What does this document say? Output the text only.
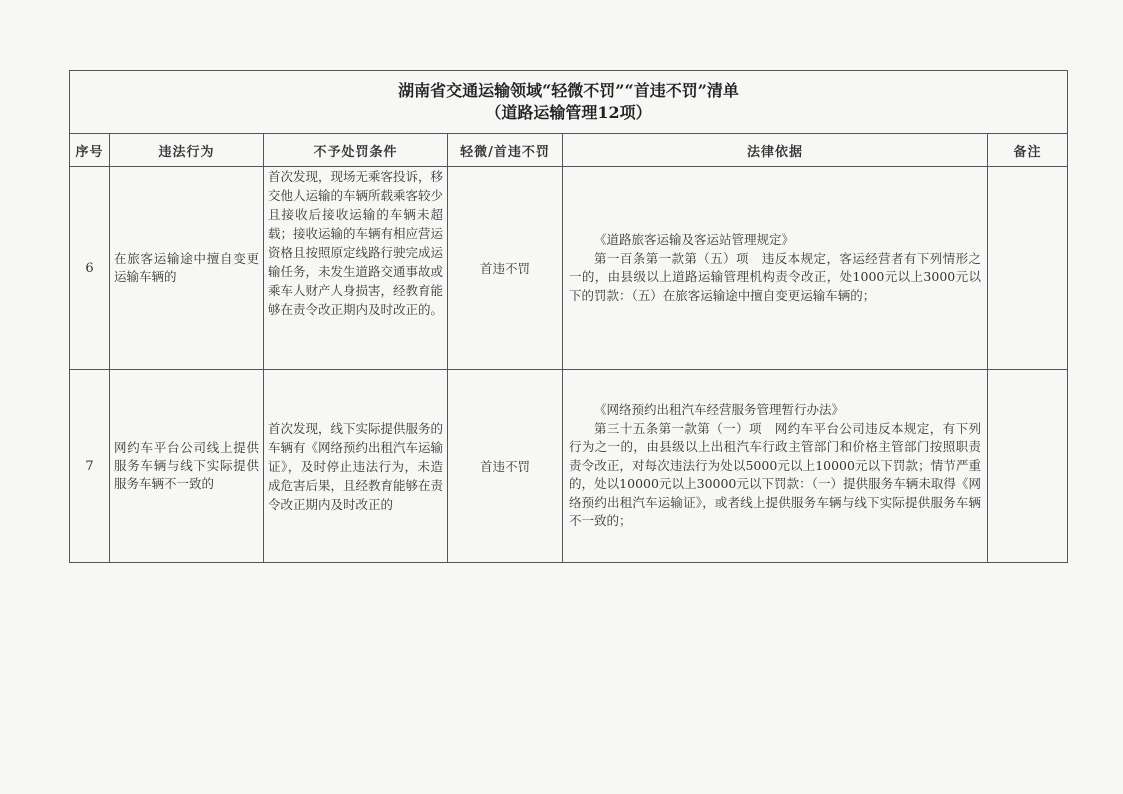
湖南省交通运输领域“轻微不罚”“首违不罚”清单
（道路运输管理12项）					

序号	违法行为	不予处罚条件	轻微/首违不罚	法律依据	备注
6	在旅客运输途中擅自变更运输车辆的	首次发现，现场无乘客投诉，移交他人运输的车辆所载乘客较少且接收后接收运输的车辆未超载；接收运输的车辆有相应营运资格且按照原定线路行驶完成运输任务，未发生道路交通事故或乘车人财产人身损害，经教育能够在责令改正期内及时改正的。	首违不罚	《道路旅客运输及客运站管理规定》
第一百条第一款第（五）项　违反本规定，客运经营者有下列情形之一的，由县级以上道路运输管理机构责令改正，处1000元以上3000元以下的罚款：（五）在旅客运输途中擅自变更运输车辆的；	

7	网约车平台公司线上提供服务车辆与线下实际提供服务车辆不一致的	首次发现，线下实际提供服务的车辆有《网络预约出租汽车运输证》，及时停止违法行为，未造成危害后果，且经教育能够在责令改正期内及时改正的	首违不罚	《网络预约出租汽车经营服务管理暂行办法》
第三十五条第一款第（一）项　网约车平台公司违反本规定，有下列行为之一的，由县级以上出租汽车行政主管部门和价格主管部门按照职责责令改正，对每次违法行为处以5000元以上10000元以下罚款；情节严重的，处以10000元以上30000元以下罚款：（一）提供服务车辆未取得《网络预约出租汽车运输证》，或者线上提供服务车辆与线下实际提供服务车辆不一致的；	
